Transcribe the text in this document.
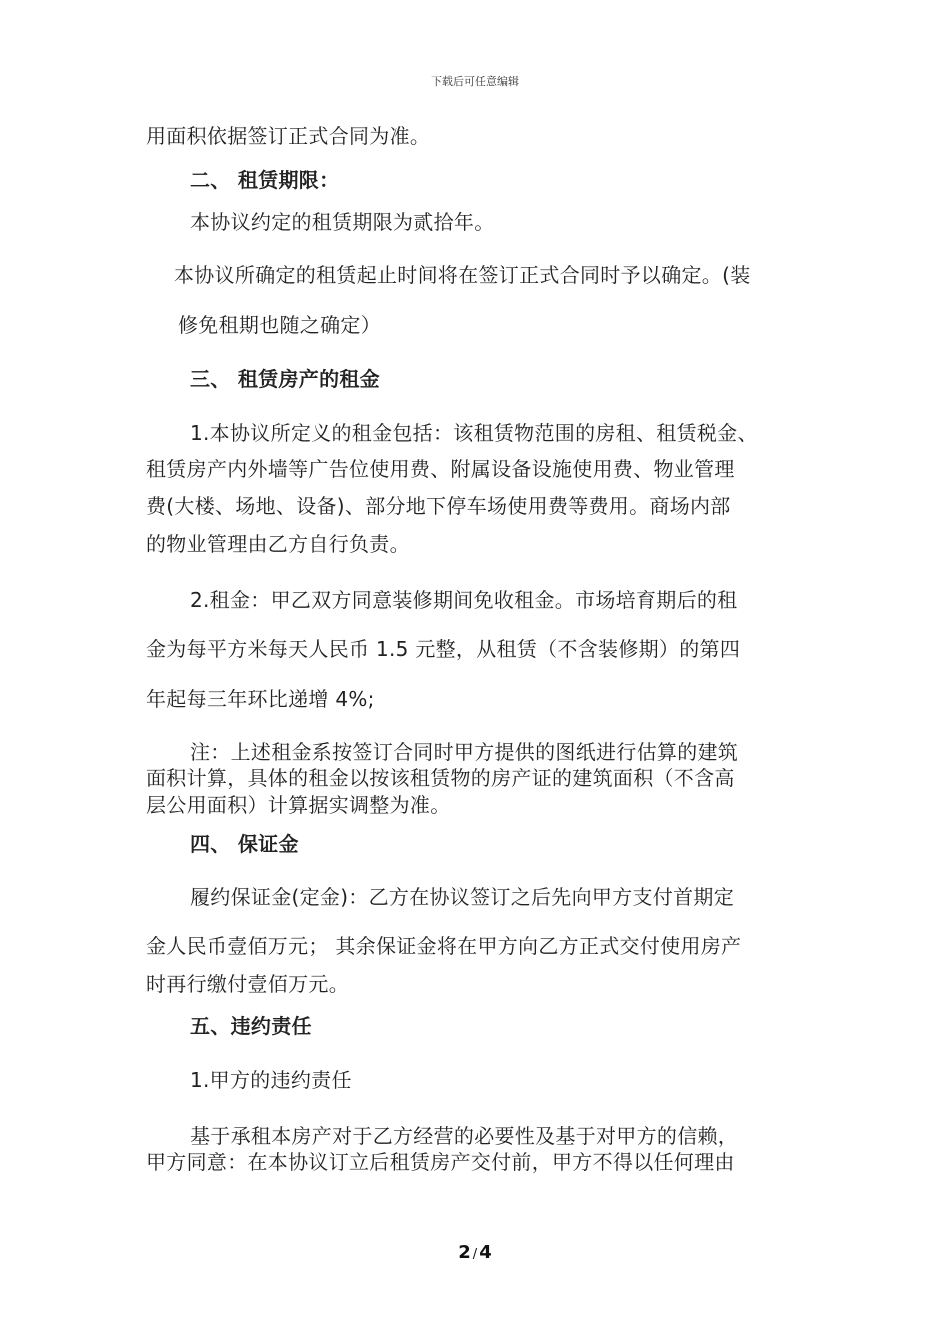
下载后可任意编辑
用面积依据签订正式合同为准。
二、 租赁期限：
本协议约定的租赁期限为贰拾年。
本协议所确定的租赁起止时间将在签订正式合同时予以确定。(装
修免租期也随之确定）
三、 租赁房产的租金
1.本协议所定义的租金包括：该租赁物范围的房租、租赁税金、
租赁房产内外墙等广告位使用费、附属设备设施使用费、物业管理
费(大楼、场地、设备)、部分地下停车场使用费等费用。商场内部
的物业管理由乙方自行负责。
2.租金：甲乙双方同意装修期间免收租金。市场培育期后的租
金为每平方米每天人民币 1.5 元整，从租赁（不含装修期）的第四
年起每三年环比递增 4%;
注：上述租金系按签订合同时甲方提供的图纸进行估算的建筑
面积计算，具体的租金以按该租赁物的房产证的建筑面积（不含高
层公用面积）计算据实调整为准。
四、 保证金
履约保证金(定金)：乙方在协议签订之后先向甲方支付首期定
金人民币壹佰万元； 其余保证金将在甲方向乙方正式交付使用房产
时再行缴付壹佰万元。
五、违约责任
1.甲方的违约责任
基于承租本房产对于乙方经营的必要性及基于对甲方的信赖，
甲方同意：在本协议订立后租赁房产交付前，甲方不得以任何理由
2 / 4
